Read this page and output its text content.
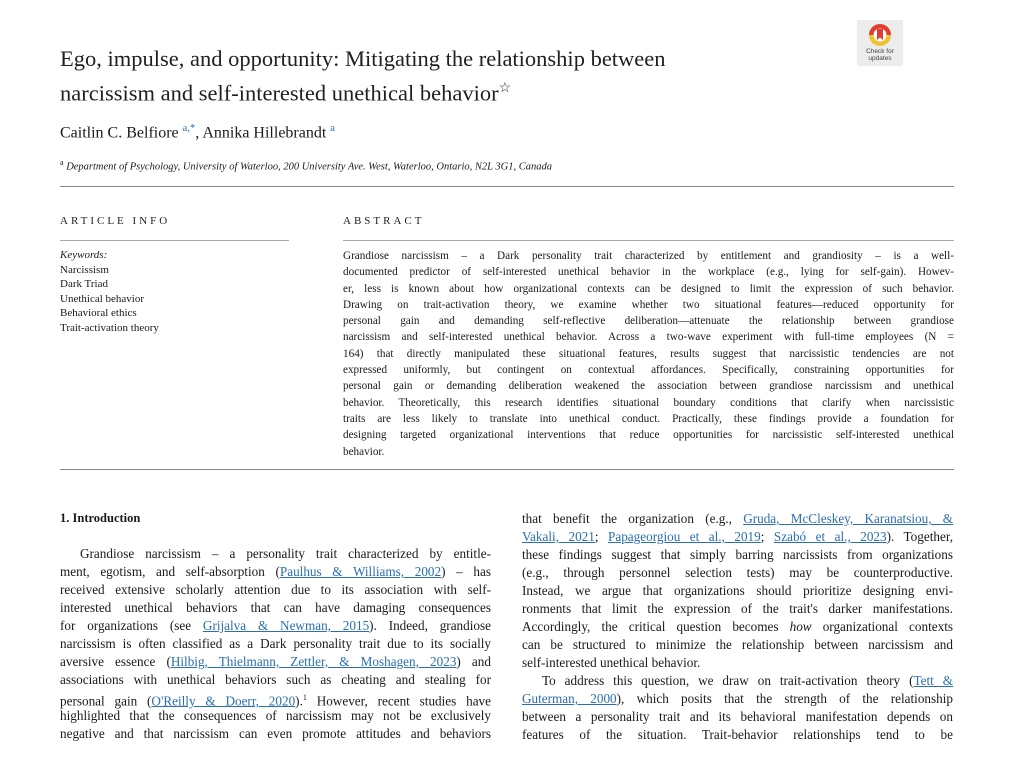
Ego, impulse, and opportunity: Mitigating the relationship between
narcissism and self-interested unethical behavior☆
Check for
updates

Caitlin C. Belfiore $^{a,*}$, Annika Hillebrandt $^a$

$^a$ Department of Psychology, University of Waterloo, 200 University Ave. West, Waterloo, Ontario, N2L 3G1, Canada
ARTICLE INFO	ABSTRACT
Keywords:
Narcissism
Dark Triad
Unethical behavior
Behavioral ethics
Trait-activation theory
Grandiose narcissism – a Dark personality trait characterized by entitlement and grandiosity – is a well-
documented predictor of self-interested unethical behavior in the workplace (e.g., lying for self-gain). Howev-
er, less is known about how organizational contexts can be designed to limit the expression of such behavior.
Drawing on trait-activation theory, we examine whether two situational features—reduced opportunity for
personal gain and demanding self-reflective deliberation—attenuate the relationship between grandiose
narcissism and self-interested unethical behavior. Across a two-wave experiment with full-time employees (N =
164) that directly manipulated these situational features, results suggest that narcissistic tendencies are not
expressed uniformly, but contingent on contextual affordances. Specifically, constraining opportunities for
personal gain or demanding deliberation weakened the association between grandiose narcissism and unethical
behavior. Theoretically, this research identifies situational boundary conditions that clarify when narcissistic
traits are less likely to translate into unethical conduct. Practically, these findings provide a foundation for
designing targeted organizational interventions that reduce opportunities for narcissistic self-interested unethical
behavior.
1. Introduction
Grandiose narcissism – a personality trait characterized by entitle-
ment, egotism, and self-absorption (Paulhus & Williams, 2002) – has
received extensive scholarly attention due to its association with self-
interested unethical behaviors that can have damaging consequences
for organizations (see Grijalva & Newman, 2015). Indeed, grandiose
narcissism is often classified as a Dark personality trait due to its socially
aversive essence (Hilbig, Thielmann, Zettler, & Moshagen, 2023) and
associations with unethical behaviors such as cheating and stealing for
personal gain (O'Reilly & Doerr, 2020).$^1$ However, recent studies have
highlighted that the consequences of narcissism may not be exclusively
negative and that narcissism can even promote attitudes and behaviors
that benefit the organization (e.g., Gruda, McCleskey, Karanatsiou, &
Vakali, 2021; Papageorgiou et al., 2019; Szabó et al., 2023). Together,
these findings suggest that simply barring narcissists from organizations
(e.g., through personnel selection tests) may be counterproductive.
Instead, we argue that organizations should prioritize designing envi-
ronments that limit the expression of the trait's darker manifestations.
Accordingly, the critical question becomes how organizational contexts
can be structured to minimize the relationship between narcissism and
self-interested unethical behavior.
To address this question, we draw on trait-activation theory (Tett &
Guterman, 2000), which posits that the strength of the relationship
between a personality trait and its behavioral manifestation depends on
features of the situation. Trait-behavior relationships tend to be
